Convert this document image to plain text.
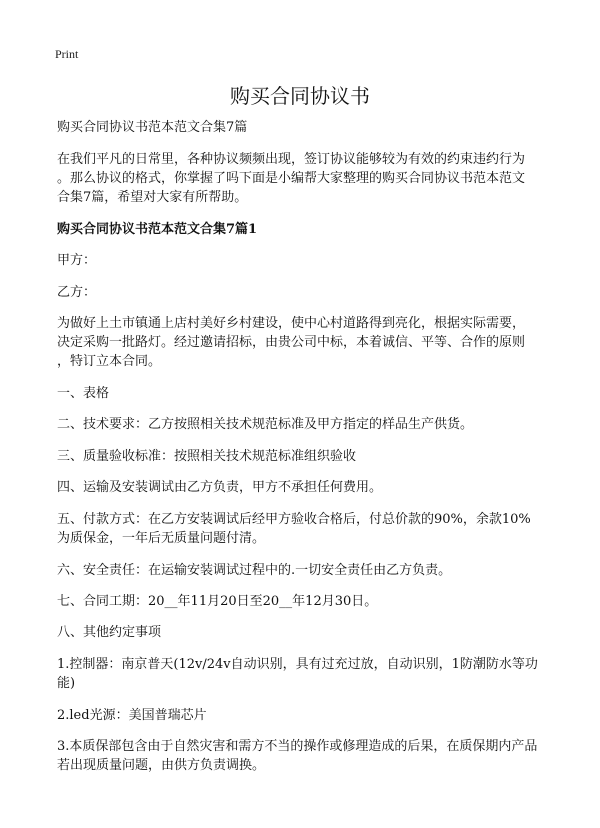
Print
购买合同协议书
购买合同协议书范本范文合集7篇
在我们平凡的日常里，各种协议频频出现，签订协议能够较为有效的约束违约行为
。那么协议的格式，你掌握了吗下面是小编帮大家整理的购买合同协议书范本范文
合集7篇，希望对大家有所帮助。
购买合同协议书范本范文合集7篇1
甲方：
乙方：
为做好上土市镇通上店村美好乡村建设，使中心村道路得到亮化，根据实际需要，
决定采购一批路灯。经过邀请招标，由贵公司中标，本着诚信、平等、合作的原则
，特订立本合同。
一、表格
二、技术要求：乙方按照相关技术规范标准及甲方指定的样品生产供货。
三、质量验收标准：按照相关技术规范标准组织验收
四、运输及安装调试由乙方负责，甲方不承担任何费用。
五、付款方式：在乙方安装调试后经甲方验收合格后，付总价款的90%，余款10%
为质保金，一年后无质量问题付清。
六、安全责任：在运输安装调试过程中的.一切安全责任由乙方负责。
七、合同工期：20__年11月20日至20__年12月30日。
八、其他约定事项
1.控制器：南京普天(12v/24v自动识别，具有过充过放，自动识别，1防潮防水等功
能)
2.led光源：美国普瑞芯片
3.本质保部包含由于自然灾害和需方不当的操作或修理造成的后果，在质保期内产品
若出现质量问题，由供方负责调换。
